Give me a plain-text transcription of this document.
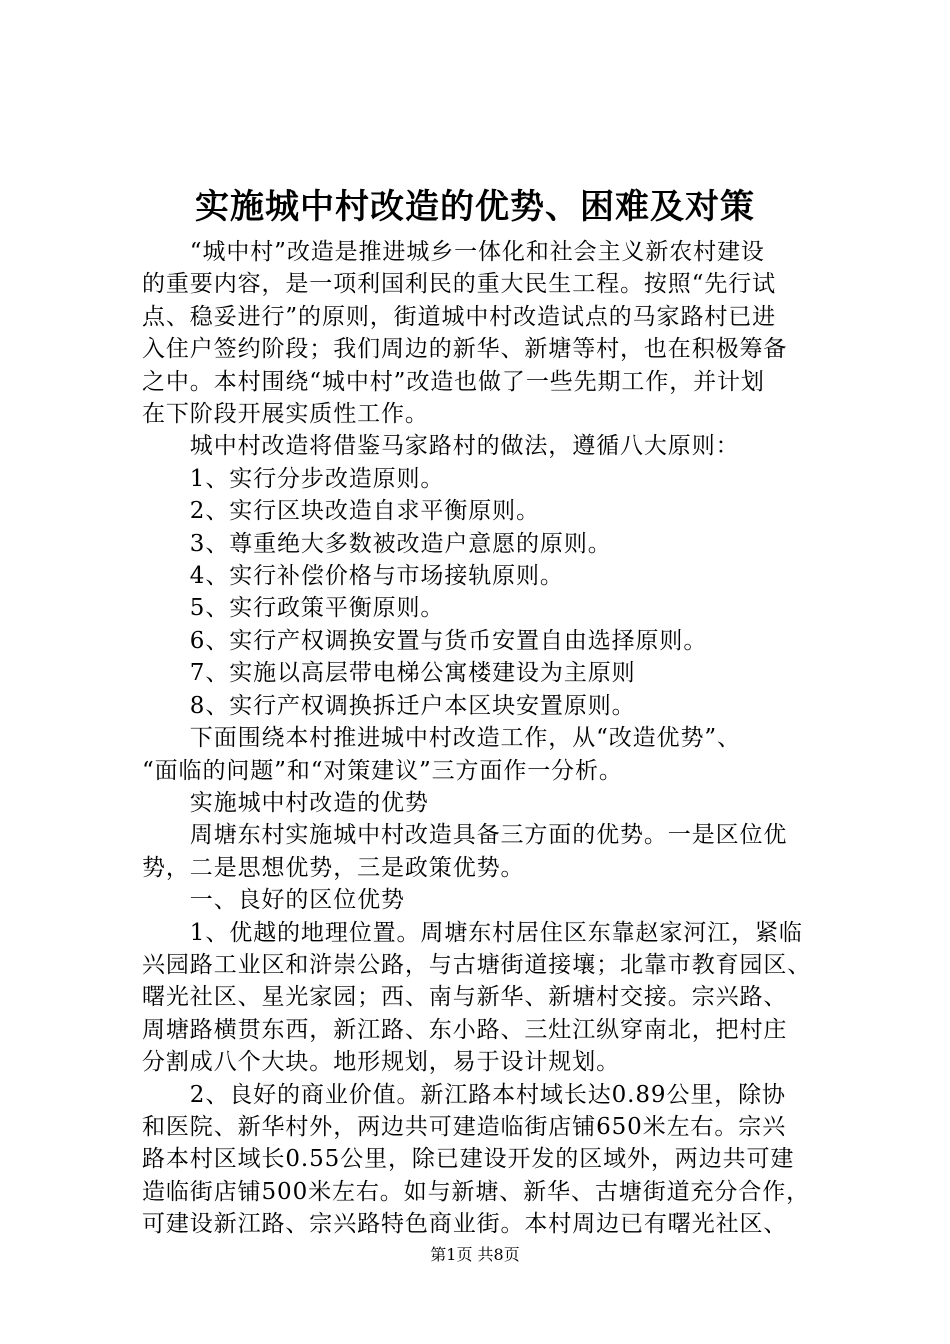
实施城中村改造的优势、困难及对策

　　“城中村”改造是推进城乡一体化和社会主义新农村建设

的重要内容，是一项利国利民的重大民生工程。按照“先行试

点、稳妥进行”的原则，街道城中村改造试点的马家路村已进

入住户签约阶段；我们周边的新华、新塘等村，也在积极筹备

之中。本村围绕“城中村”改造也做了一些先期工作，并计划

在下阶段开展实质性工作。

　　城中村改造将借鉴马家路村的做法，遵循八大原则：

　　1、实行分步改造原则。

　　2、实行区块改造自求平衡原则。

　　3、尊重绝大多数被改造户意愿的原则。

　　4、实行补偿价格与市场接轨原则。

　　5、实行政策平衡原则。

　　6、实行产权调换安置与货币安置自由选择原则。

　　7、实施以高层带电梯公寓楼建设为主原则

　　8、实行产权调换拆迁户本区块安置原则。

　　下面围绕本村推进城中村改造工作，从“改造优势”、

“面临的问题”和“对策建议”三方面作一分析。

　　实施城中村改造的优势

　　周塘东村实施城中村改造具备三方面的优势。一是区位优

势，二是思想优势，三是政策优势。

　　一、良好的区位优势

　　1、优越的地理位置。周塘东村居住区东靠赵家河江，紧临

兴园路工业区和浒崇公路，与古塘街道接壤；北靠市教育园区、

曙光社区、星光家园；西、南与新华、新塘村交接。宗兴路、

周塘路横贯东西，新江路、东小路、三灶江纵穿南北，把村庄

分割成八个大块。地形规划，易于设计规划。

　　2、良好的商业价值。新江路本村域长达0.89公里，除协

和医院、新华村外，两边共可建造临街店铺650米左右。宗兴

路本村区域长0.55公里，除已建设开发的区域外，两边共可建

造临街店铺500米左右。如与新塘、新华、古塘街道充分合作，

可建设新江路、宗兴路特色商业街。本村周边已有曙光社区、

第1页 共8页
